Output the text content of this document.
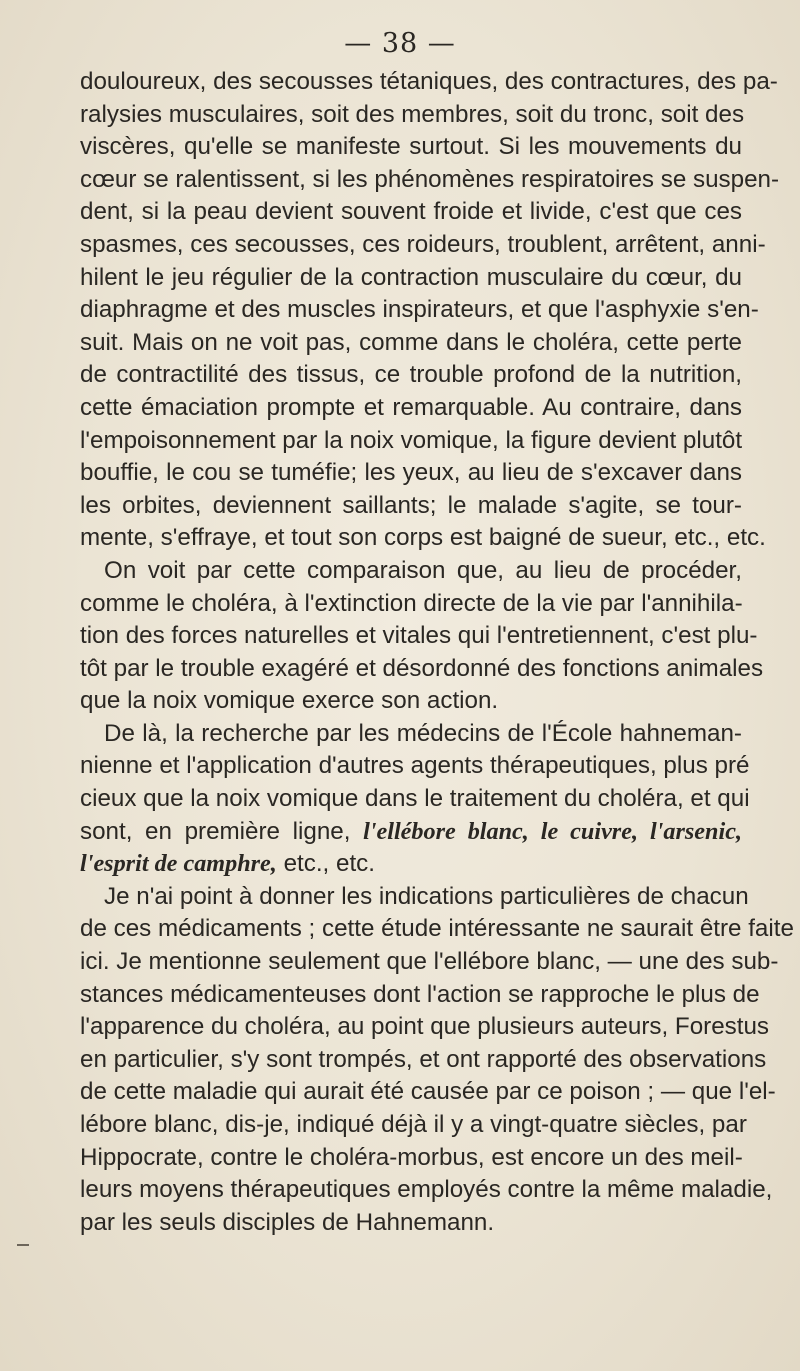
— 38 —
douloureux, des secousses tétaniques, des contractures, des pa-
ralysies musculaires, soit des membres, soit du tronc, soit des
viscères, qu'elle se manifeste surtout. Si les mouvements du
cœur se ralentissent, si les phénomènes respiratoires se suspen-
dent, si la peau devient souvent froide et livide, c'est que ces
spasmes, ces secousses, ces roideurs, troublent, arrêtent, anni-
hilent le jeu régulier de la contraction musculaire du cœur, du
diaphragme et des muscles inspirateurs, et que l'asphyxie s'en-
suit. Mais on ne voit pas, comme dans le choléra, cette perte
de contractilité des tissus, ce trouble profond de la nutrition,
cette émaciation prompte et remarquable. Au contraire, dans
l'empoisonnement par la noix vomique, la figure devient plutôt
bouffie, le cou se tuméfie; les yeux, au lieu de s'excaver dans
les orbites, deviennent saillants; le malade s'agite, se tour-
mente, s'effraye, et tout son corps est baigné de sueur, etc., etc.
On voit par cette comparaison que, au lieu de procéder,
comme le choléra, à l'extinction directe de la vie par l'annihila-
tion des forces naturelles et vitales qui l'entretiennent, c'est plu-
tôt par le trouble exagéré et désordonné des fonctions animales
que la noix vomique exerce son action.
De là, la recherche par les médecins de l'École hahneman-
nienne et l'application d'autres agents thérapeutiques, plus pré
cieux que la noix vomique dans le traitement du choléra, et qui
sont, en première ligne, l'ellébore blanc, le cuivre, l'arsenic,
l'esprit de camphre, etc., etc.
Je n'ai point à donner les indications particulières de chacun
de ces médicaments ; cette étude intéressante ne saurait être faite
ici. Je mentionne seulement que l'ellébore blanc, — une des sub-
stances médicamenteuses dont l'action se rapproche le plus de
l'apparence du choléra, au point que plusieurs auteurs, Forestus
en particulier, s'y sont trompés, et ont rapporté des observations
de cette maladie qui aurait été causée par ce poison ; — que l'el-
lébore blanc, dis-je, indiqué déjà il y a vingt-quatre siècles, par
Hippocrate, contre le choléra-morbus, est encore un des meil-
leurs moyens thérapeutiques employés contre la même maladie,
par les seuls disciples de Hahnemann.
